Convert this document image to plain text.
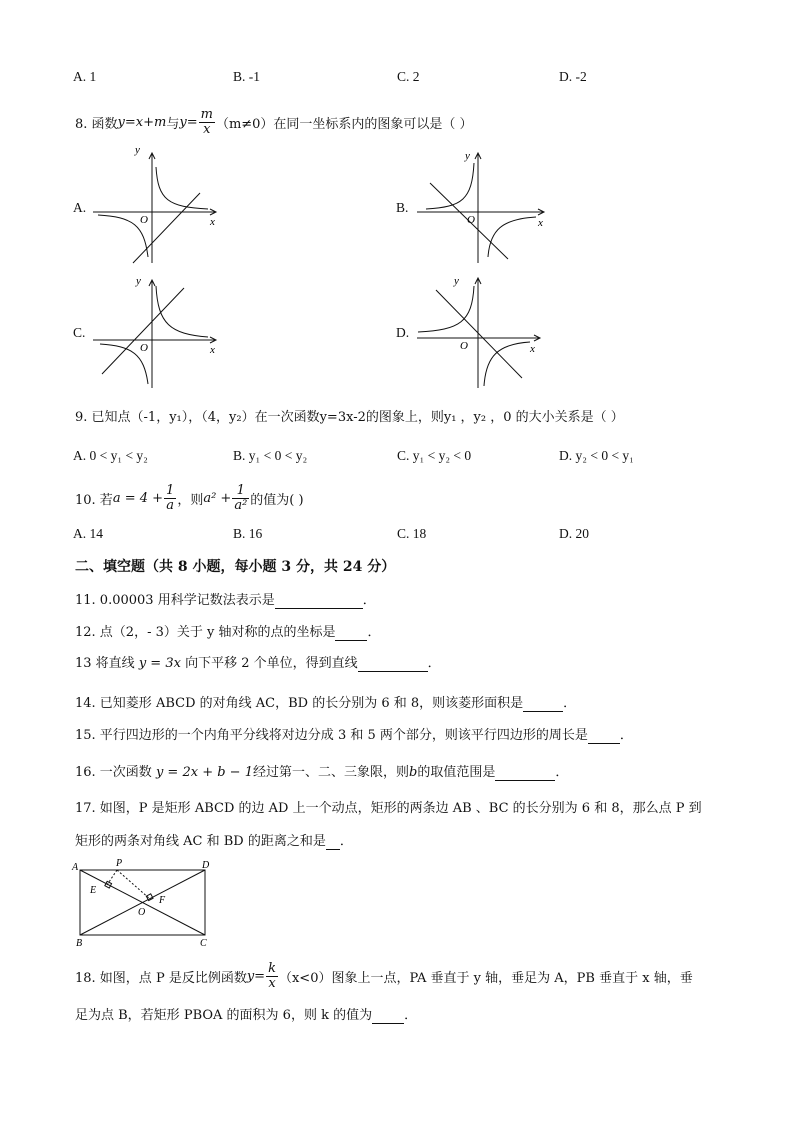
A. 1	B. -1	C. 2	D. -2
8. 函数 y=x+m 与 $y= \frac{m}{x} (m\ne 0)$在同一坐标系内的图象可以是（ ）
A.	B.
C.	D.
y
x
O
y
x
O
y
x
O
y
x
O
9. 已知点（-1，y₁），（4，y₂）在一次函数y=3x-2的图象上，则y₁ ，y₂ ，0 的大小关系是（ ）
A. 0 < y₁ < y₂	B. y₁ < 0 < y₂	C. y₁ < y₂ < 0	D. y₂ < 0 < y₁
10. 若 $a = 4 + \frac{1}{a}$ ，则 $a^2 + \frac{1}{\text{a²}}$ 的值为( )
A. 14	B. 16	C. 18	D. 20
二、填空题（共 8 小题，每小题 3 分，共 24 分）
11. 0.00003 用科学记数法表示是	．
12. 点（2，- 3）关于 y 轴对称的点的坐标是 ．
13 将直线 y = 3x 向下平移 2 个单位，得到直线	．
14. 已知菱形 ABCD 的对角线 AC，BD 的长分别为 6 和 8，则该菱形面积是	．
15. 平行四边形的一个内角平分线将对边分成 3 和 5 两个部分，则该平行四边形的周长是 ．
16. 一次函数 y = 2x + b − 1经过第一、二、三象限，则b的取值范围是	．
17. 如图，P 是矩形 ABCD 的边 AD 上一个动点，矩形的两条边 AB 、BC 的长分别为 6 和 8，那么点 P 到
矩形的两条对角线 AC 和 BD 的距离之和是 ．
A	P	D
E
O
F
B	C
18. 如图，点 P 是反比例函数 $y= \frac{k}{x} (x<0)$图象上一点，PA 垂直于 y 轴，垂足为 A，PB 垂直于 x 轴，垂
足为点 B，若矩形 PBOA 的面积为 6，则 k 的值为 ．
